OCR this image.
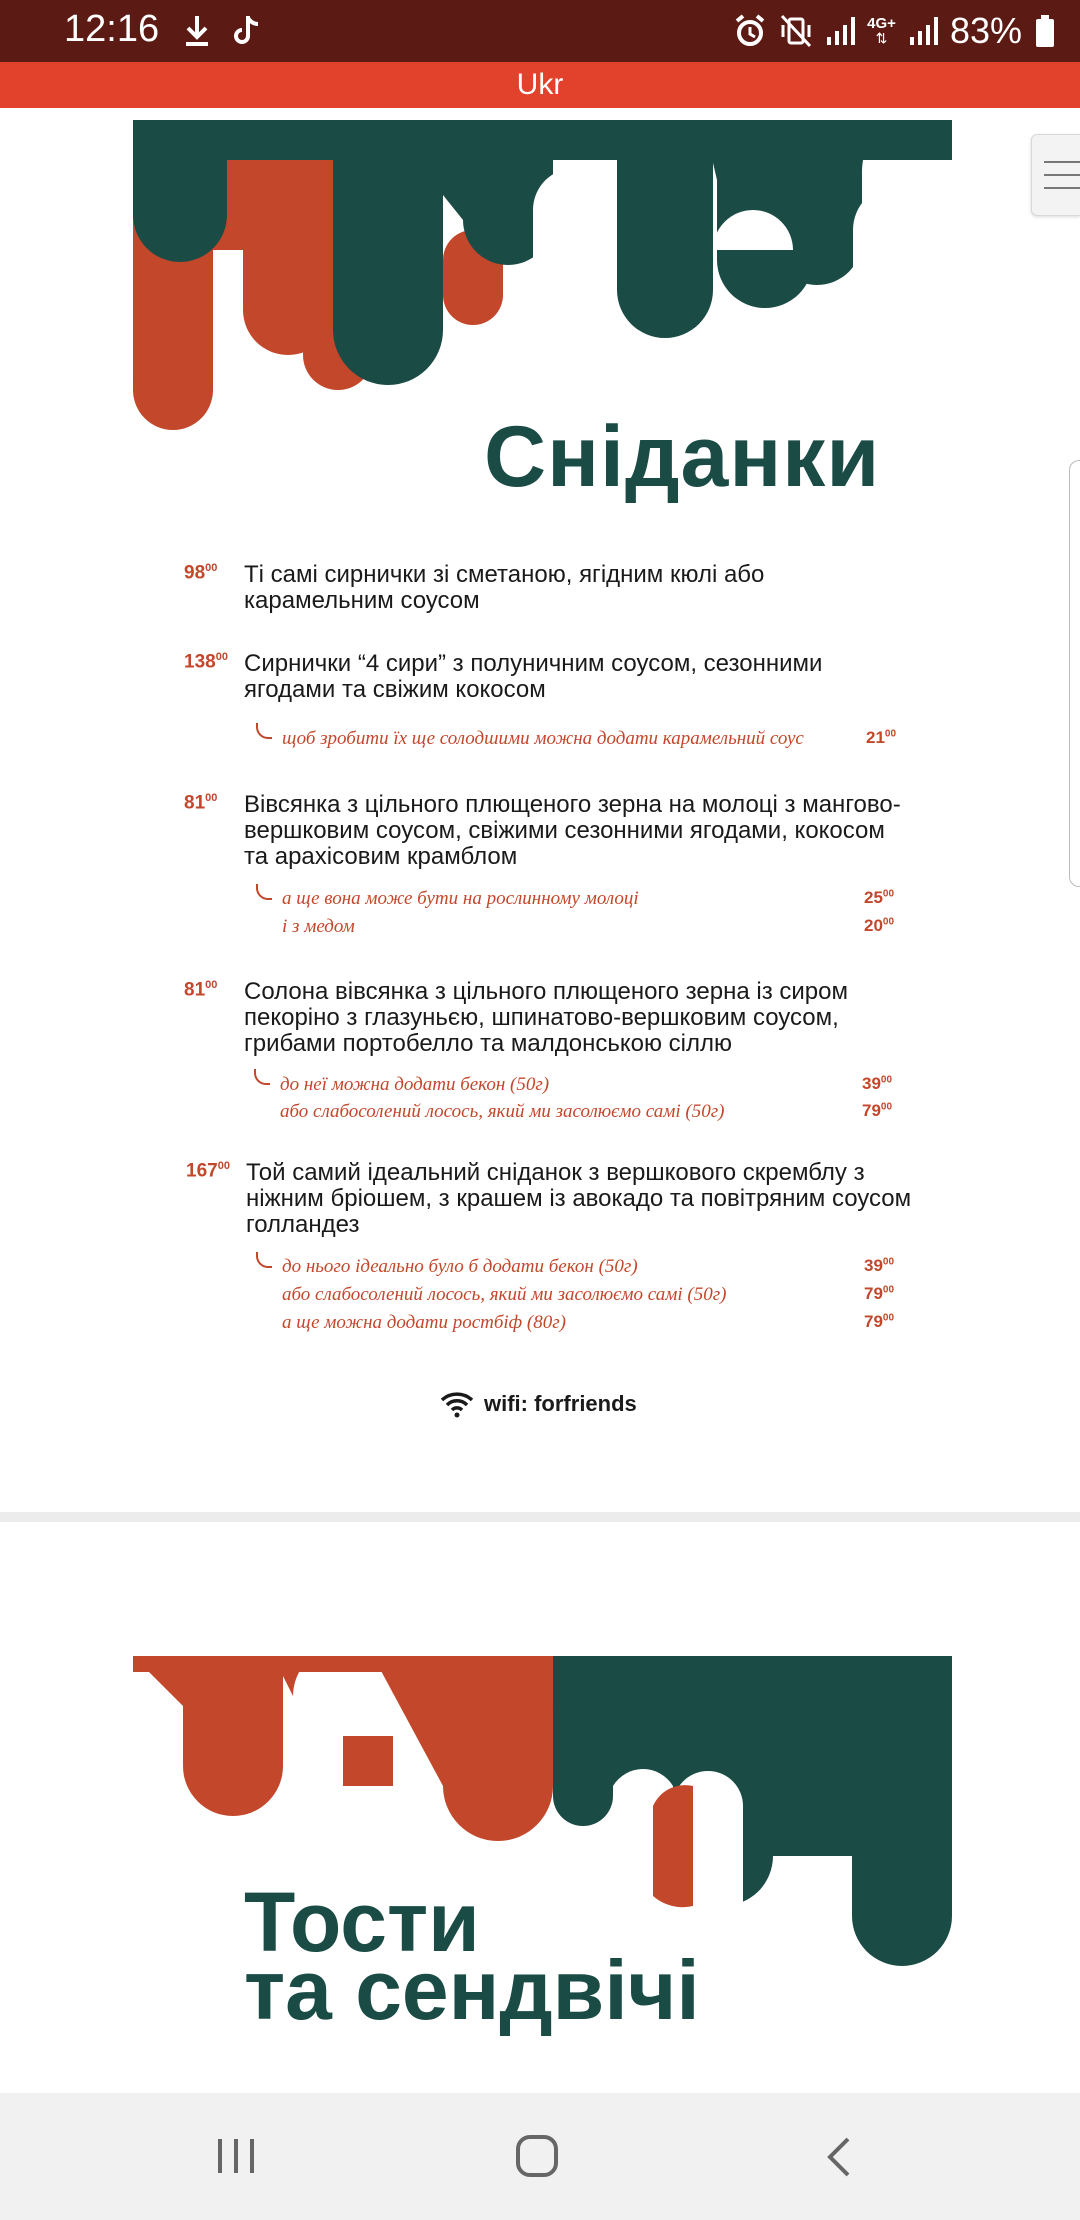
12:16	4G+
⇅ 83%
Ukr
Сніданки
$98^{00}$ Ті самі сирнички зі сметаною, ягідним кюлі або карамельним соусом
$138^{00}$ Сирнички “4 сири” з полуничним соусом, сезонними ягодами та свіжим кокосом
щоб зробити їх ще солодшими можна додати карамельний соус	$21^{00}$
$81^{00}$ Вівсянка з цільного плющеного зерна на молоці з мангово-вершковим соусом, свіжими сезонними ягодами, кокосом та арахісовим крамблом
а ще вона може бути на рослинному молоці	$25^{00}$
і з медом	$20^{00}$
$81^{00}$ Солона вівсянка з цільного плющеного зерна із сиром пекоріно з глазуньєю, шпинатово-вершковим соусом, грибами портобелло та малдонською сіллю
до неї можна додати бекон (50г)	$39^{00}$
або слабосолений лосось, який ми засолюємо самі (50г)	$79^{00}$
$167^{00}$ Той самий ідеальний сніданок з вершкового скремблу з ніжним бріошем, з крашем із авокадо та повітряним соусом голландез
до нього ідеально було б додати бекон (50г)	$39^{00}$
або слабосолений лосось, який ми засолюємо самі (50г)	$79^{00}$
а ще можна додати ростбіф (80г)	$79^{00}$
wifi: forfriends
Тости
та сендвічі
